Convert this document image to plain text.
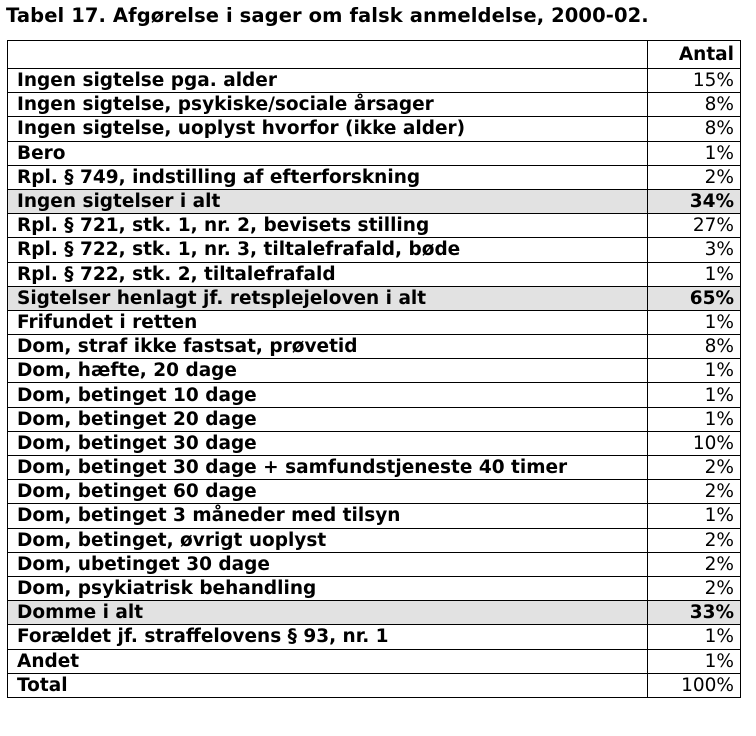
Tabel 17. Afgørelse i sager om falsk anmeldelse, 2000-02.
	Antal
Ingen sigtelse pga. alder	15%
Ingen sigtelse, psykiske/sociale årsager	8%
Ingen sigtelse, uoplyst hvorfor (ikke alder)	8%
Bero	1%
Rpl. § 749, indstilling af efterforskning	2%
Ingen sigtelser i alt	34%
Rpl. § 721, stk. 1, nr. 2, bevisets stilling	27%
Rpl. § 722, stk. 1, nr. 3, tiltalefrafald, bøde	3%
Rpl. § 722, stk. 2, tiltalefrafald	1%
Sigtelser henlagt jf. retsplejeloven i alt	65%
Frifundet i retten	1%
Dom, straf ikke fastsat, prøvetid	8%
Dom, hæfte, 20 dage	1%
Dom, betinget 10 dage	1%
Dom, betinget 20 dage	1%
Dom, betinget 30 dage	10%
Dom, betinget 30 dage + samfundstjeneste 40 timer	2%
Dom, betinget 60 dage	2%
Dom, betinget 3 måneder med tilsyn	1%
Dom, betinget, øvrigt uoplyst	2%
Dom, ubetinget 30 dage	2%
Dom, psykiatrisk behandling	2%
Domme i alt	33%
Forældet jf. straffelovens § 93, nr. 1	1%
Andet	1%
Total	100%
